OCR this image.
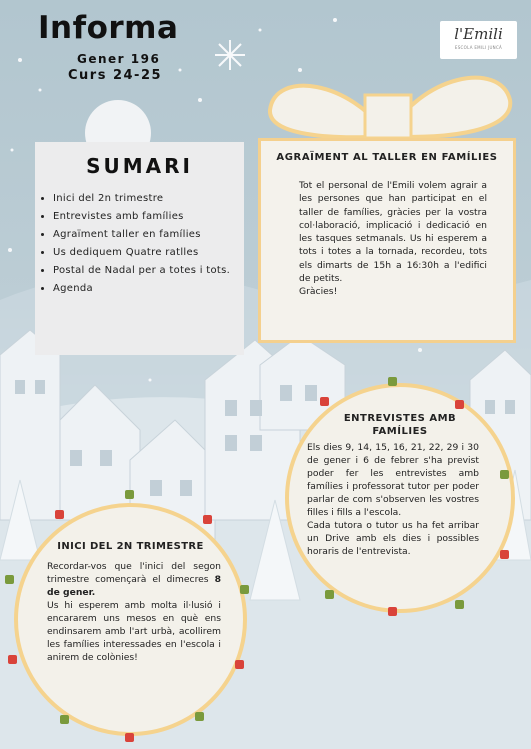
Informa
Gener 196
Curs 24-25
l'Emili
ESCOLA EMILI JUNCÀ
SUMARI
• Inici del 2n trimestre
• Entrevistes amb famílies
• Agraïment taller en famílies
• Us dediquem Quatre ratlles
• Postal de Nadal per a totes i tots.
• Agenda
AGRAÏMENT AL TALLER EN FAMÍLIES

Tot el personal de l'Emili volem agrair a les persones que han participat en el taller de famílies, gràcies per la vostra col·laboració, implicació i dedicació en les tasques setmanals. Us hi esperem a tots i totes a la tornada, recordeu, tots els dimarts de 15h a 16:30h a l'edifici de petits.
Gràcies!

ENTREVISTES AMB FAMÍLIES

Els dies 9, 14, 15, 16, 21, 22, 29 i 30 de gener i 6 de febrer s'ha previst poder fer les entrevistes amb famílies i professorat tutor per poder parlar de com s'observen les vostres filles i fills a l'escola.
Cada tutora o tutor us ha fet arribar un Drive amb els dies i possibles horaris de l'entrevista.

INICI DEL 2N TRIMESTRE

Recordar-vos que l'inici del segon trimestre començarà el dimecres 8 de gener.
Us hi esperem amb molta il·lusió i encararem uns mesos en què ens endinsarem amb l'art urbà, acollirem les famílies interessades en l'escola i anirem de colònies!
